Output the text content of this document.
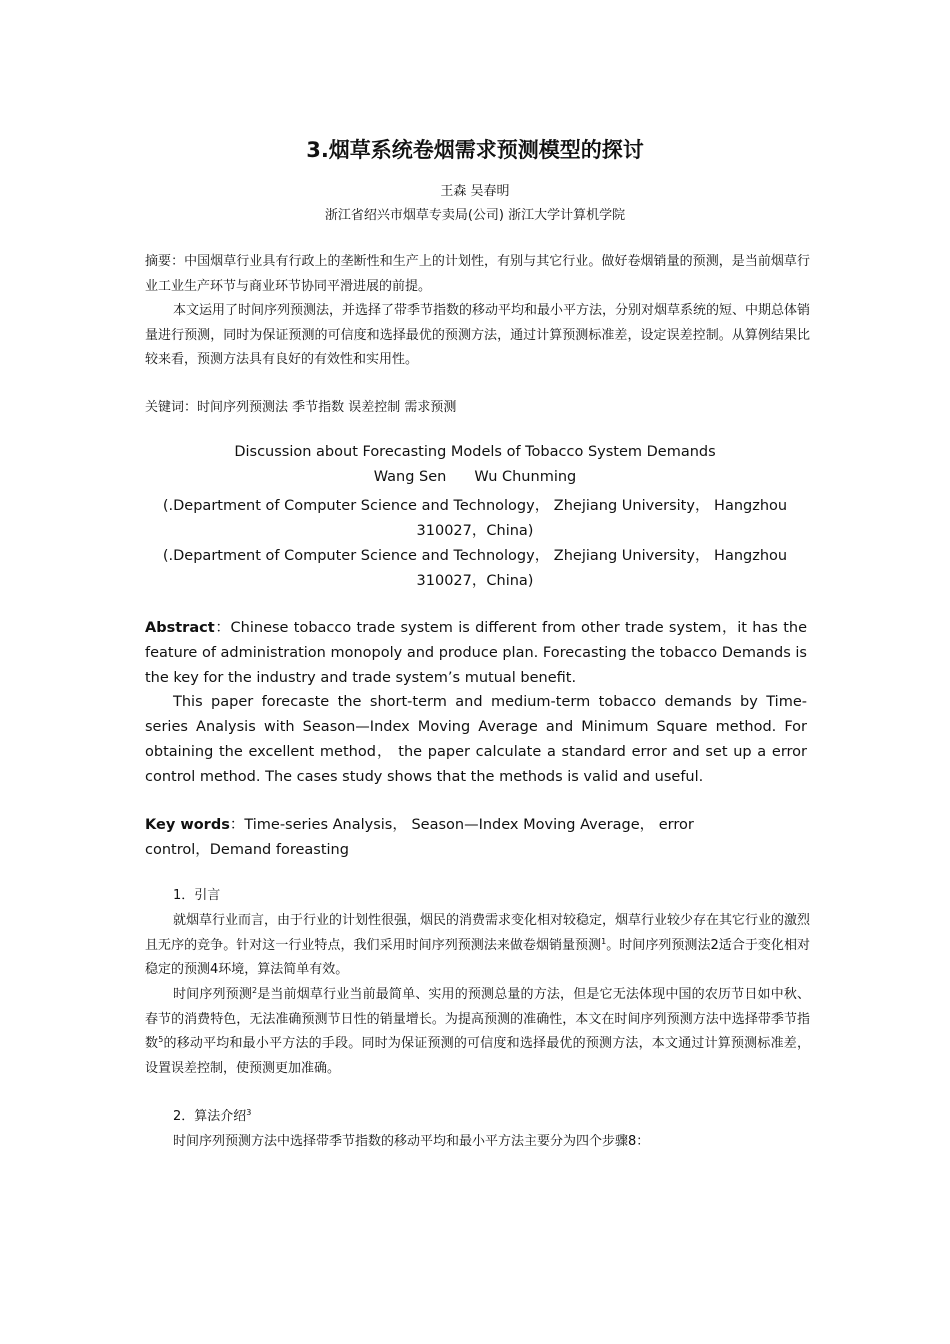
3.烟草系统卷烟需求预测模型的探讨
王森 吴春明
浙江省绍兴市烟草专卖局(公司) 浙江大学计算机学院
摘要：中国烟草行业具有行政上的垄断性和生产上的计划性，有别与其它行业。做好卷烟销量的预测，是当前烟草行业工业生产环节与商业环节协同平滑进展的前提。
本文运用了时间序列预测法，并选择了带季节指数的移动平均和最小平方法，分别对烟草系统的短、中期总体销量进行预测，同时为保证预测的可信度和选择最优的预测方法，通过计算预测标准差，设定误差控制。从算例结果比较来看，预测方法具有良好的有效性和实用性。
关键词：时间序列预测法 季节指数 误差控制 需求预测
Discussion about Forecasting Models of Tobacco System Demands
Wang Sen Wu Chunming
(.Department of Computer Science and Technology， Zhejiang University， Hangzhou 310027，China)
(.Department of Computer Science and Technology， Zhejiang University， Hangzhou 310027，China)
Abstract：Chinese tobacco trade system is different from other trade system，it has the feature of administration monopoly and produce plan. Forecasting the tobacco Demands is the key for the industry and trade system’s mutual benefit.
This paper forecaste the short-term and medium-term tobacco demands by Time-series Analysis with Season—Index Moving Average and Minimum Square method. For obtaining the excellent method， the paper calculate a standard error and set up a error control method. The cases study shows that the methods is valid and useful.
Key words：Time-series Analysis， Season—Index Moving Average， error control，Demand foreasting
1．引言
就烟草行业而言，由于行业的计划性很强，烟民的消费需求变化相对较稳定，烟草行业较少存在其它行业的激烈且无序的竞争。针对这一行业特点，我们采用时间序列预测法来做卷烟销量预测$^1$。时间序列预测法2适合于变化相对稳定的预测4环境，算法简单有效。
时间序列预测$^2$是当前烟草行业当前最简单、实用的预测总量的方法，但是它无法体现中国的农历节日如中秋、春节的消费特色，无法准确预测节日性的销量增长。为提高预测的准确性，本文在时间序列预测方法中选择带季节指数$^5$的移动平均和最小平方法的手段。同时为保证预测的可信度和选择最优的预测方法，本文通过计算预测标准差，设置误差控制，使预测更加准确。
2．算法介绍$^3$
时间序列预测方法中选择带季节指数的移动平均和最小平方法主要分为四个步骤8：
